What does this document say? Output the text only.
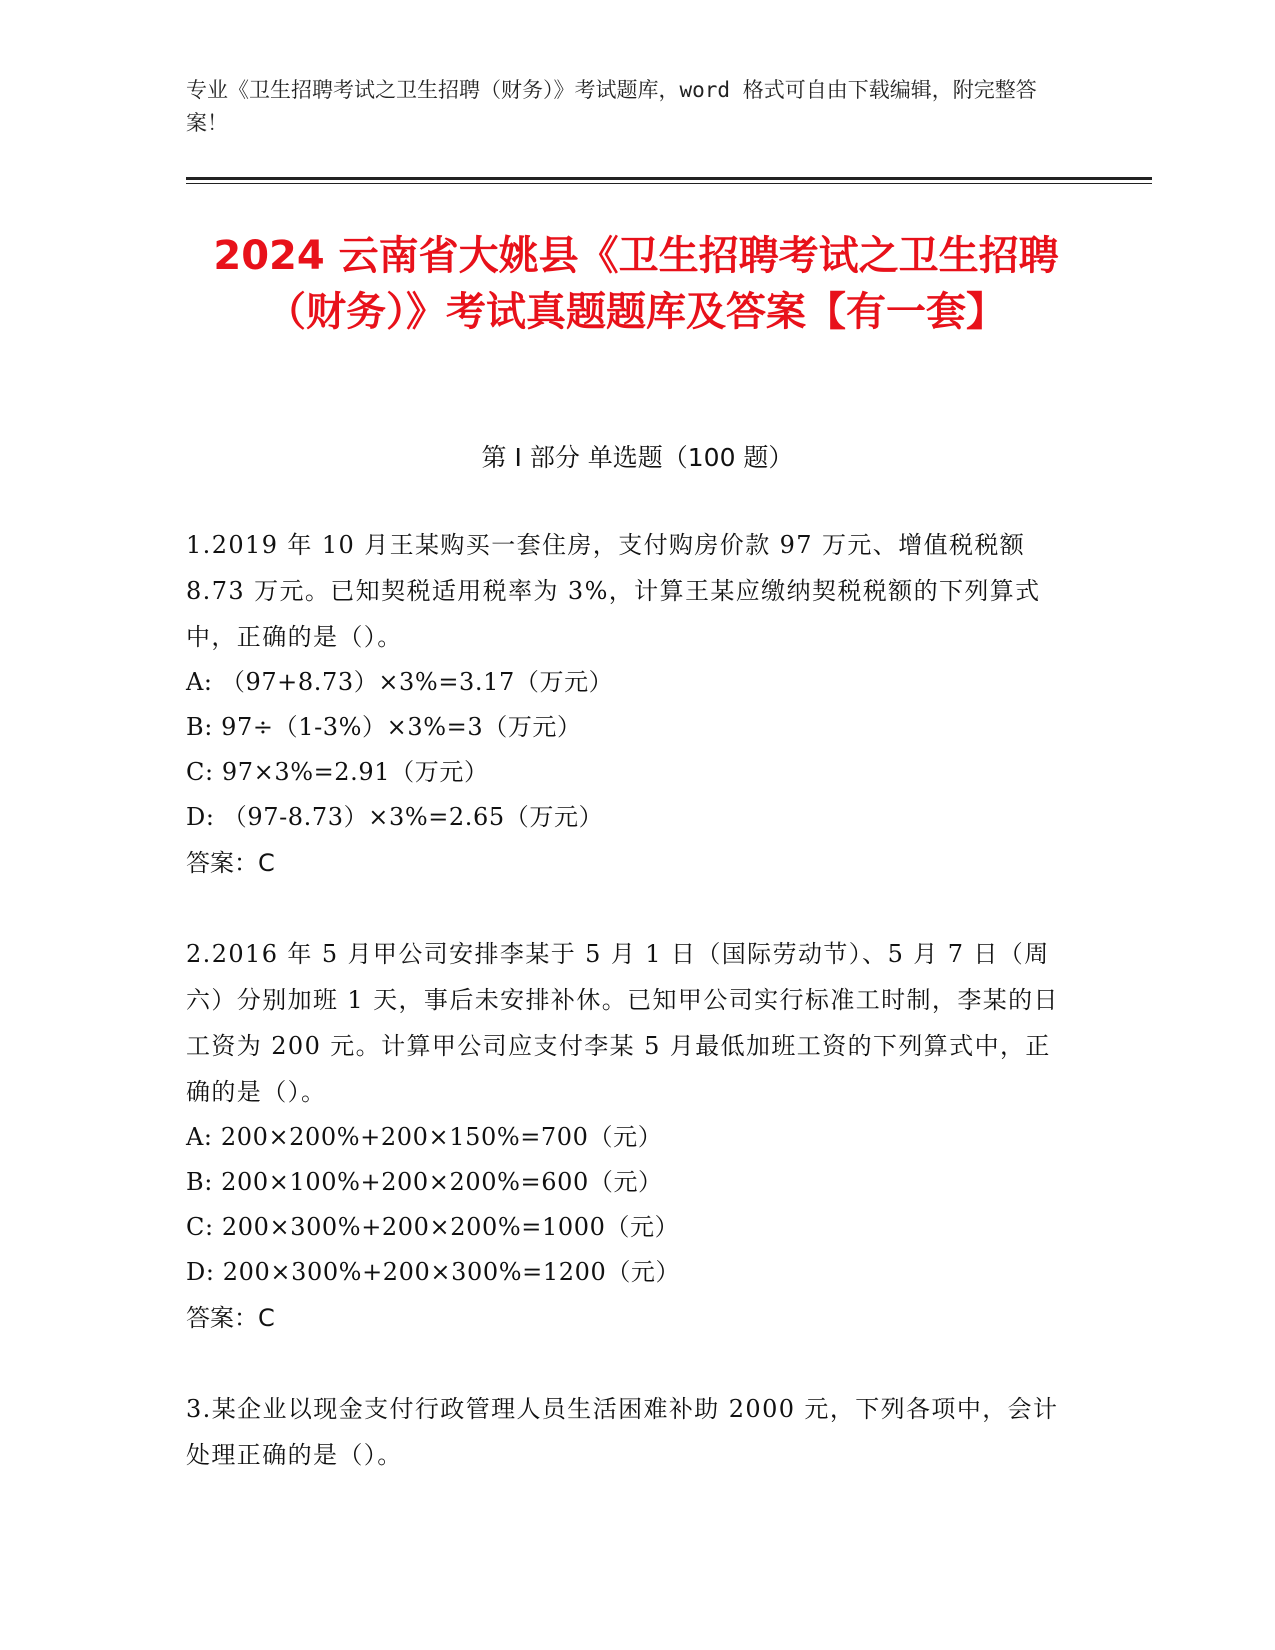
专业《卫生招聘考试之卫生招聘（财务）》考试题库，word 格式可自由下载编辑，附完整答案！
2024 云南省大姚县《卫生招聘考试之卫生招聘（财务）》考试真题题库及答案【有一套】
第 I 部分 单选题（100 题）
1.2019 年 10 月王某购买一套住房，支付购房价款 97 万元、增值税税额 8.73 万元。已知契税适用税率为 3%，计算王某应缴纳契税税额的下列算式中，正确的是（）。
A: （97+8.73）×3%=3.17（万元）
B: 97÷（1-3%）×3%=3（万元）
C: 97×3%=2.91（万元）
D: （97-8.73）×3%=2.65（万元）
答案：C
2.2016 年 5 月甲公司安排李某于 5 月 1 日（国际劳动节）、5 月 7 日（周六）分别加班 1 天，事后未安排补休。已知甲公司实行标准工时制，李某的日工资为 200 元。计算甲公司应支付李某 5 月最低加班工资的下列算式中，正确的是（）。
A: 200×200%+200×150%=700（元）
B: 200×100%+200×200%=600（元）
C: 200×300%+200×200%=1000（元）
D: 200×300%+200×300%=1200（元）
答案：C
3.某企业以现金支付行政管理人员生活困难补助 2000 元，下列各项中，会计处理正确的是（）。
